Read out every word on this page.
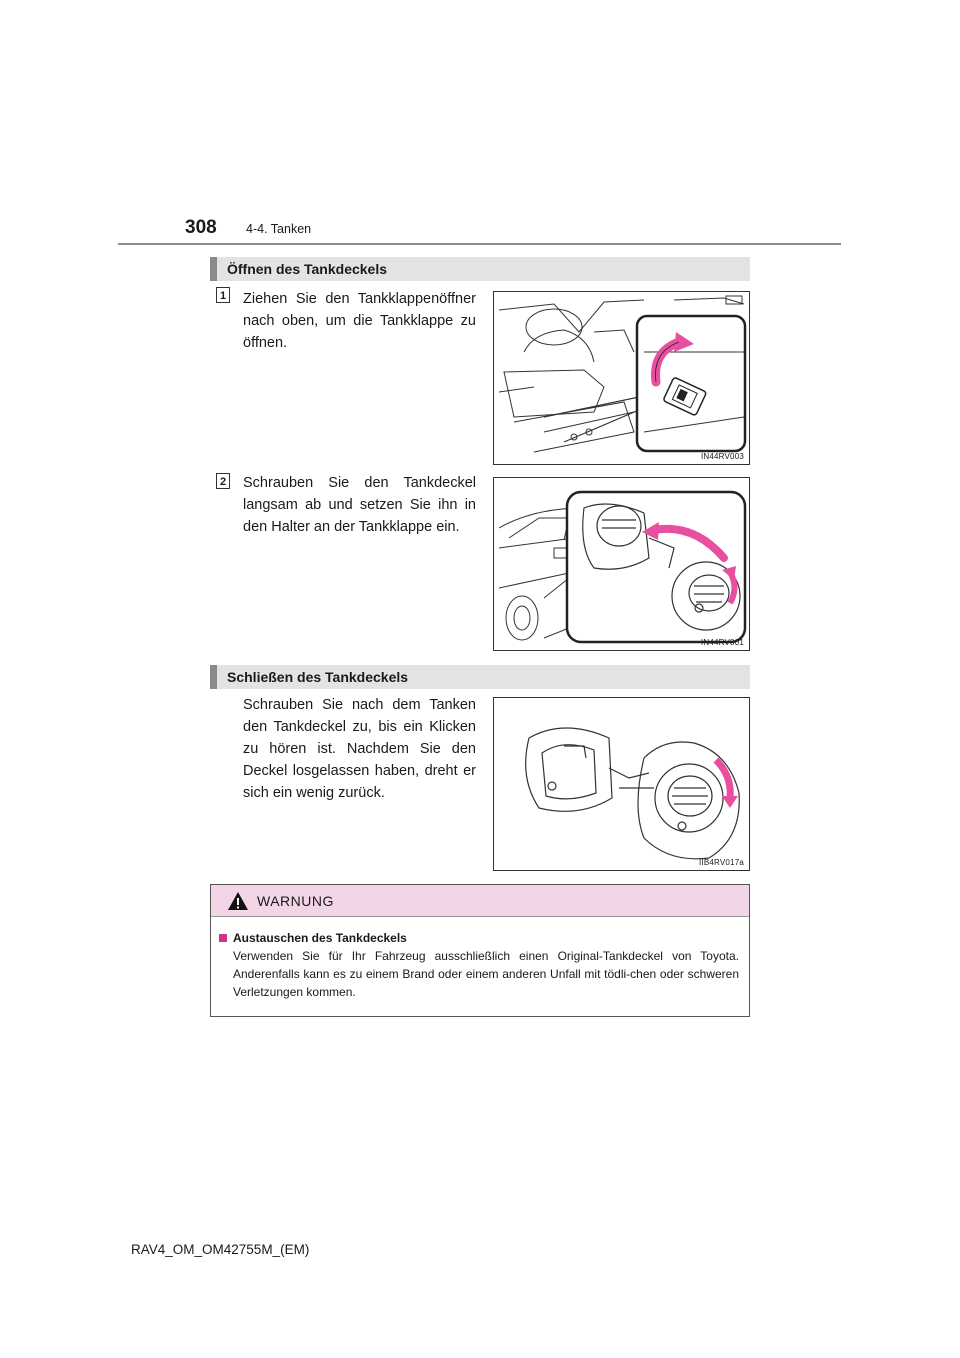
308 4-4. Tanken
Öffnen des Tankdeckels
1 Ziehen Sie den Tankklappenöffner nach oben, um die Tankklappe zu öffnen.
IN44RV003
2 Schrauben Sie den Tankdeckel langsam ab und setzen Sie ihn in den Halter an der Tankklappe ein.
IN44RV001
Schließen des Tankdeckels
Schrauben Sie nach dem Tanken den Tankdeckel zu, bis ein Klicken zu hören ist. Nachdem Sie den Deckel losgelassen haben, dreht er sich ein wenig zurück.
IIB4RV017a
WARNUNG
Austauschen des Tankdeckels
Verwenden Sie für Ihr Fahrzeug ausschließlich einen Original-Tankdeckel von Toyota. Anderenfalls kann es zu einem Brand oder einem anderen Unfall mit tödli-chen oder schweren Verletzungen kommen.
RAV4_OM_OM42755M_(EM)
